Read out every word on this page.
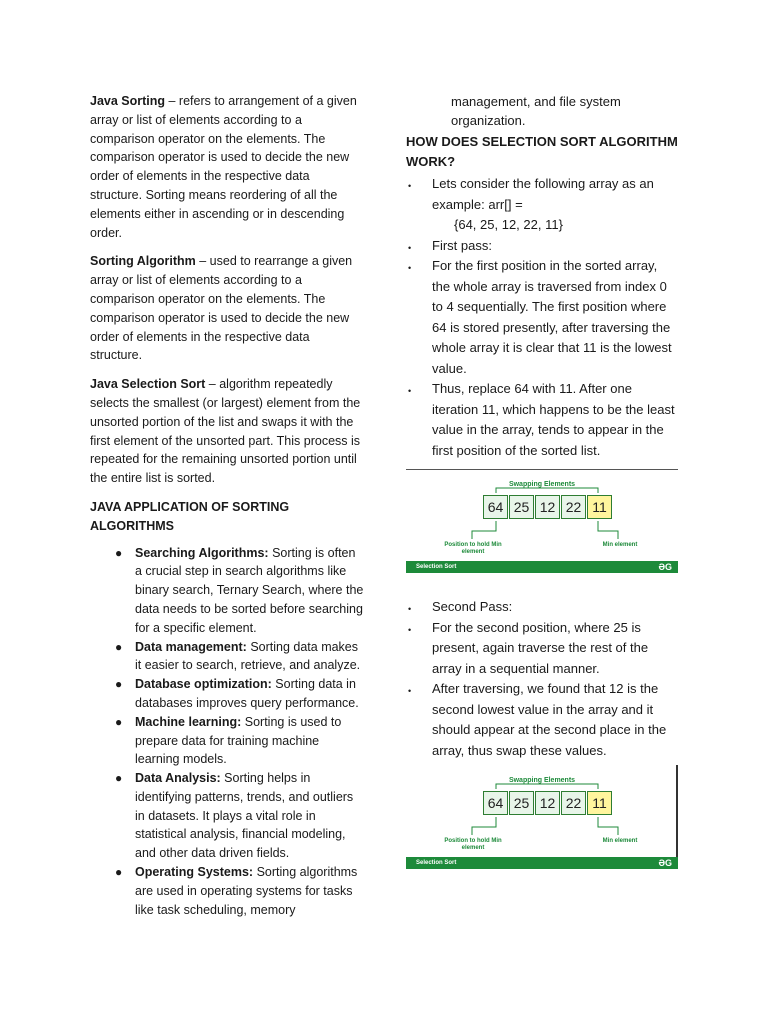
Java Sorting – refers to arrangement of a given array or list of elements according to a comparison operator on the elements. The comparison operator is used to decide the new order of elements in the respective data structure. Sorting means reordering of all the elements either in ascending or in descending order.

Sorting Algorithm – used to rearrange a given array or list of elements according to a comparison operator on the elements. The comparison operator is used to decide the new order of elements in the respective data structure.

Java Selection Sort – algorithm repeatedly selects the smallest (or largest) element from the unsorted portion of the list and swaps it with the first element of the unsorted part. This process is repeated for the remaining unsorted portion until the entire list is sorted.

JAVA APPLICATION OF SORTING ALGORITHMS
● Searching Algorithms: Sorting is often a crucial step in search algorithms like binary search, Ternary Search, where the data needs to be sorted before searching for a specific element.
● Data management: Sorting data makes it easier to search, retrieve, and analyze.
● Database optimization: Sorting data in databases improves query performance.
● Machine learning: Sorting is used to prepare data for training machine learning models.
● Data Analysis: Sorting helps in identifying patterns, trends, and outliers in datasets. It plays a vital role in statistical analysis, financial modeling, and other data driven fields.
● Operating Systems: Sorting algorithms are used in operating systems for tasks like task scheduling, memory
management, and file system organization.
HOW DOES SELECTION SORT ALGORITHM WORK?
• Lets consider the following array as an example: arr[] =
{64, 25, 12, 22, 11}
• First pass:
• For the first position in the sorted array, the whole array is traversed from index 0 to 4 sequentially. The first position where 64 is stored presently, after traversing the whole array it is clear that 11 is the lowest value.
• Thus, replace 64 with 11. After one iteration 11, which happens to be the least value in the array, tends to appear in the first position of the sorted list.
Swapping Elements
64 25 12 22 11
Position to hold Min element
Min element
Selection Sort	ƏG
• Second Pass:
• For the second position, where 25 is present, again traverse the rest of the array in a sequential manner.
• After traversing, we found that 12 is the second lowest value in the array and it should appear at the second place in the array, thus swap these values.
Swapping Elements
64 25 12 22 11
Position to hold Min element
Min element
Selection Sort	ƏG
